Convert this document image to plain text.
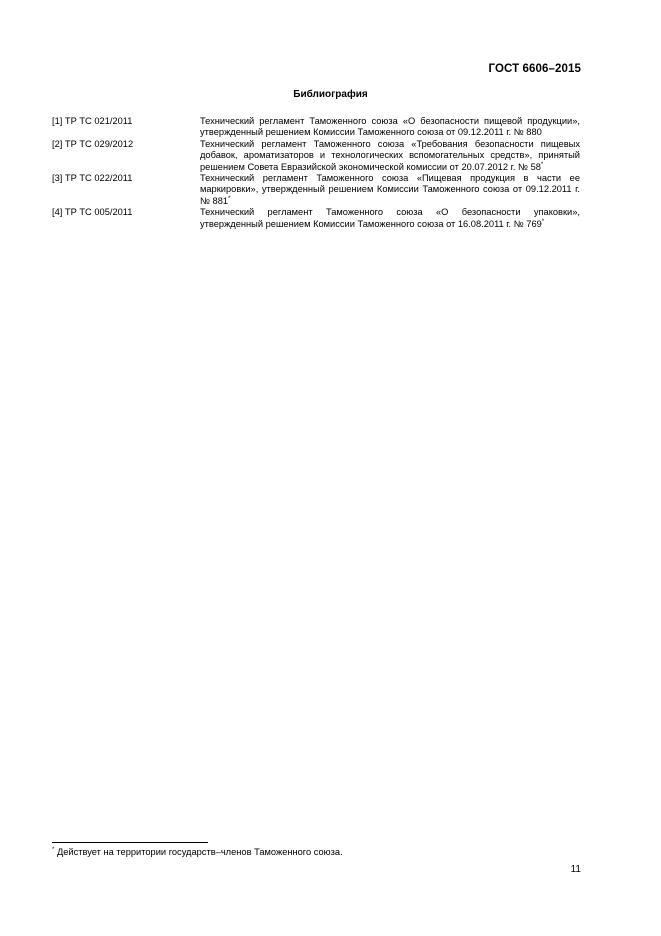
ГОСТ 6606–2015
Библиография
[1] ТР ТС 021/2011	Технический регламент Таможенного союза «О безопасности пищевой продукции», утвержденный решением Комиссии Таможенного союза от 09.12.2011 г. № 880
[2] ТР ТС 029/2012	Технический регламент Таможенного союза «Требования безопасности пищевых добавок, ароматизаторов и технологических вспомогательных средств», принятый решением Совета Евразийской экономической комиссии от 20.07.2012 г. № 58*
[3] ТР ТС 022/2011	Технический регламент Таможенного союза «Пищевая продукция в части ее маркировки», утвержденный решением Комиссии Таможенного союза от 09.12.2011 г. № 881*
[4] ТР ТС 005/2011	Технический регламент Таможенного союза «О безопасности упаковки», утвержденный решением Комиссии Таможенного союза от 16.08.2011 г. № 769*
* Действует на территории государств–членов Таможенного союза.
11
